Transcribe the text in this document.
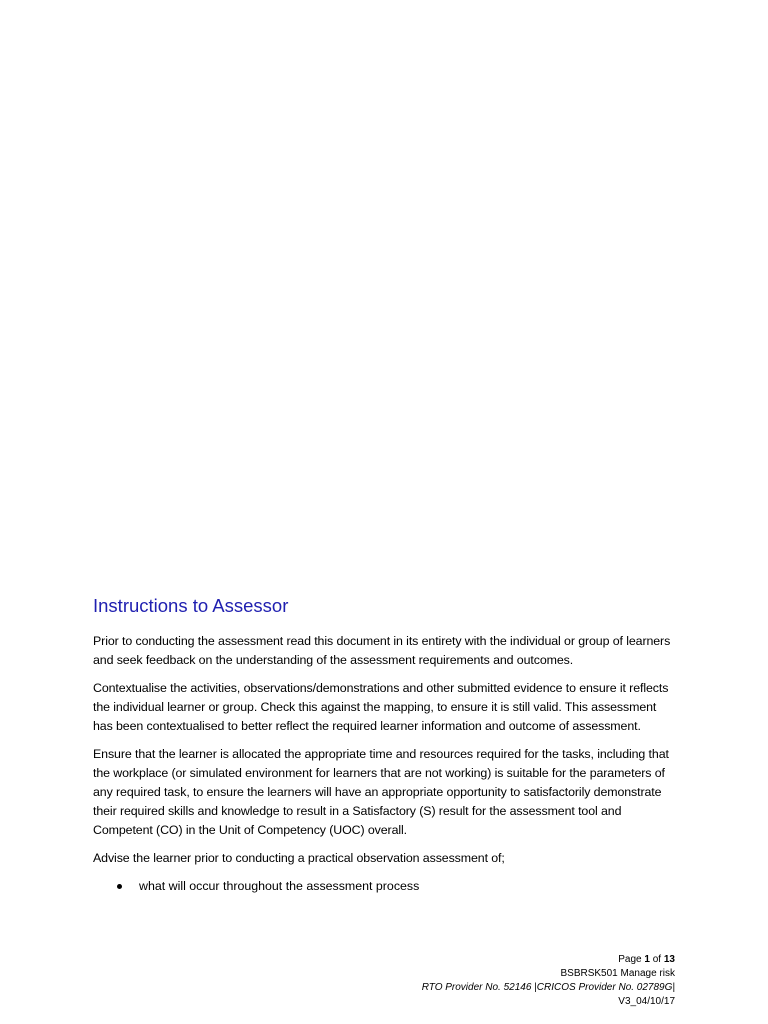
Instructions to Assessor

Prior to conducting the assessment read this document in its entirety with the individual or group of learners and seek feedback on the understanding of the assessment requirements and outcomes.

Contextualise the activities, observations/demonstrations and other submitted evidence to ensure it reflects the individual learner or group. Check this against the mapping, to ensure it is still valid. This assessment has been contextualised to better reflect the required learner information and outcome of assessment.

Ensure that the learner is allocated the appropriate time and resources required for the tasks, including that the workplace (or simulated environment for learners that are not working) is suitable for the parameters of any required task, to ensure the learners will have an appropriate opportunity to satisfactorily demonstrate their required skills and knowledge to result in a Satisfactory (S) result for the assessment tool and Competent (CO) in the Unit of Competency (UOC) overall.

Advise the learner prior to conducting a practical observation assessment of;

what will occur throughout the assessment process
Page 1 of 13
BSBRSK501 Manage risk
RTO Provider No. 52146 |CRICOS Provider No. 02789G|
V3_04/10/17
